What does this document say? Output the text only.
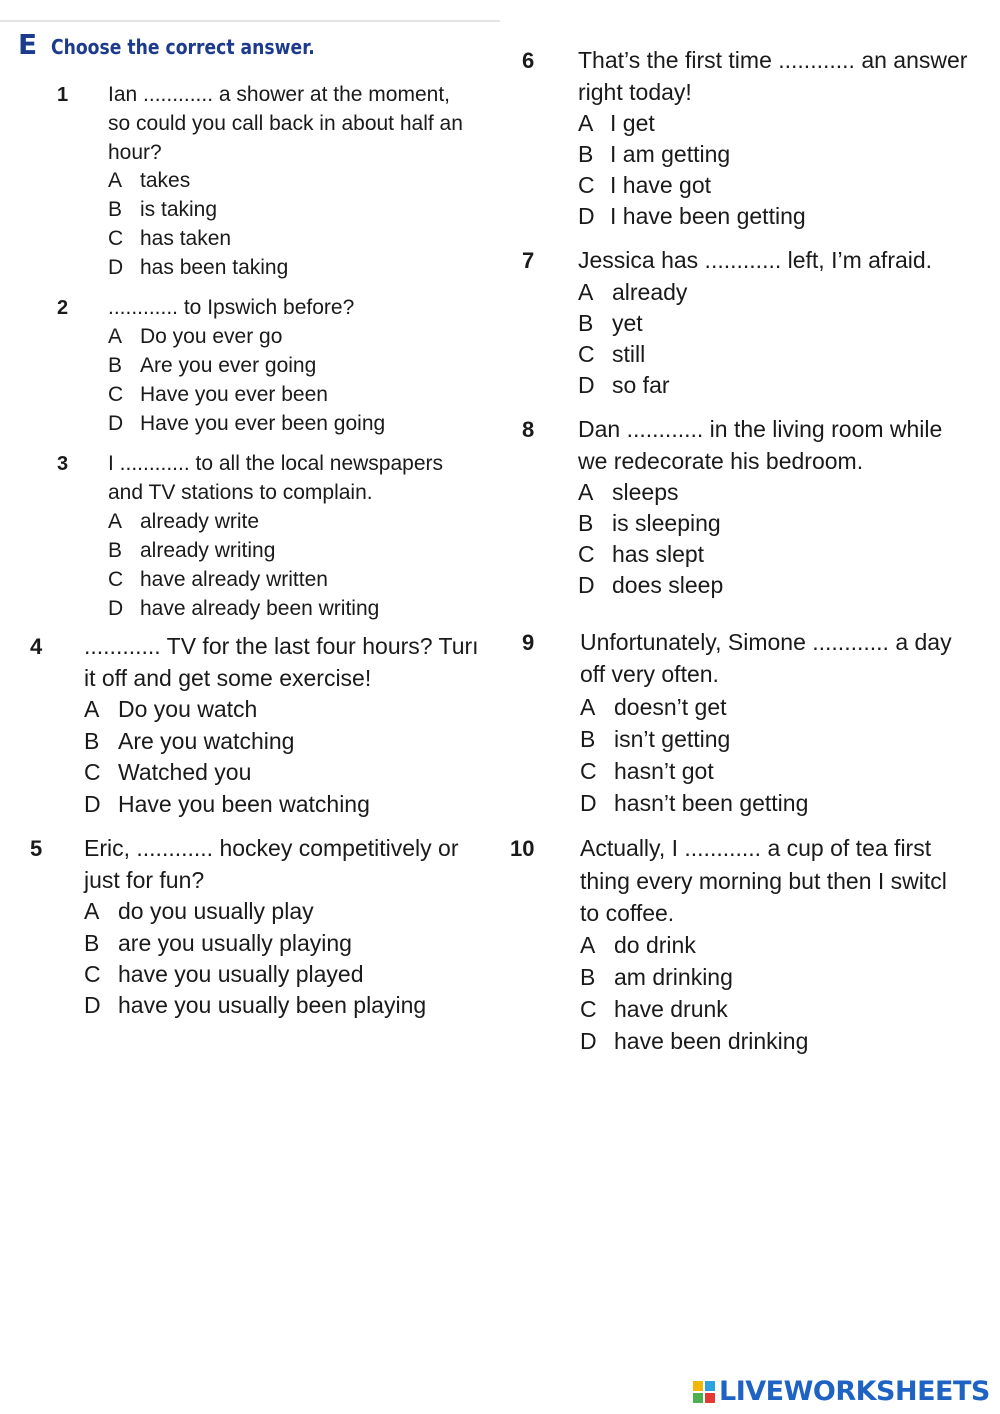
E Choose the correct answer.
1 Ian ............ a shower at the moment,
so could you call back in about half an
hour?
A takes
B is taking
C has taken
D has been taking
2 ............ to Ipswich before?
A Do you ever go
B Are you ever going
C Have you ever been
D Have you ever been going
3 I ............ to all the local newspapers
and TV stations to complain.
A already write
B already writing
C have already written
D have already been writing
4 ............ TV for the last four hours? Turı
it off and get some exercise!
A Do you watch
B Are you watching
C Watched you
D Have you been watching
5 Eric, ............ hockey competitively or
just for fun?
A do you usually play
B are you usually playing
C have you usually played
D have you usually been playing
6 That’s the first time ............ an answer
right today!
A I get
B I am getting
C I have got
D I have been getting
7 Jessica has ............ left, I’m afraid.
A already
B yet
C still
D so far
8 Dan ............ in the living room while
we redecorate his bedroom.
A sleeps
B is sleeping
C has slept
D does sleep
9 Unfortunately, Simone ............ a day
off very often.
A doesn’t get
B isn’t getting
C hasn’t got
D hasn’t been getting
10 Actually, I ............ a cup of tea first
thing every morning but then I switcl
to coffee.
A do drink
B am drinking
C have drunk
D have been drinking
LIVEWORKSHEETS
